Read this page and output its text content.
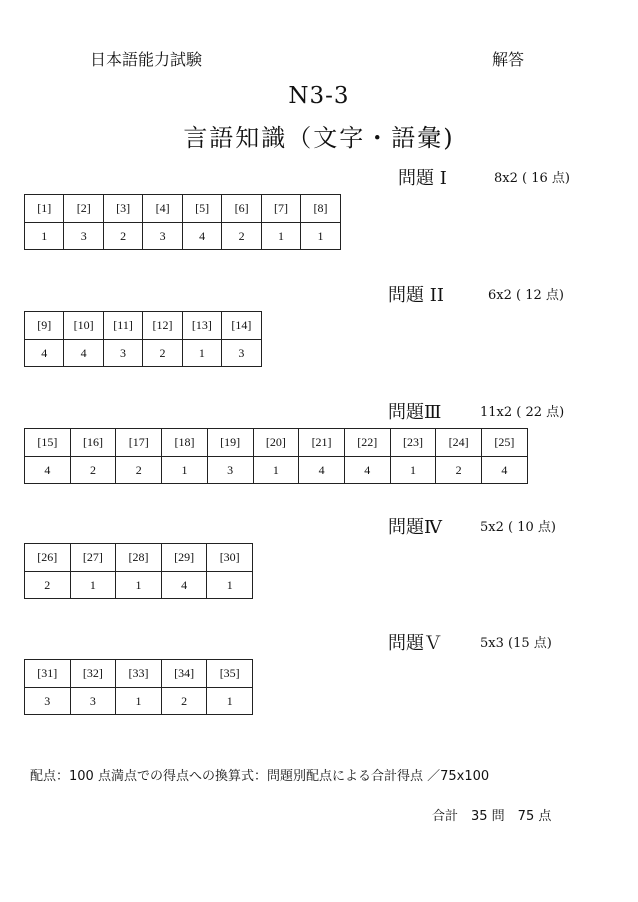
日本語能力試験	解答
N3-3
言語知識（文字・語彙)
問題 I	8x2 ( 16 点)
[1]	[2]	[3]	[4]	[5]	[6]	[7]	[8]
1	3	2	3	4	2	1	1
問題 II	6x2 ( 12 点)
[9]	[10]	[11]	[12]	[13]	[14]
4	4	3	2	1	3
問題Ⅲ	11x2 ( 22 点)
[15]	[16]	[17]	[18]	[19]	[20]	[21]	[22]	[23]	[24]	[25]
4	2	2	1	3	1	4	4	1	2	4
問題Ⅳ	5x2 ( 10 点)
[26]	[27]	[28]	[29]	[30]
2	1	1	4	1
問題Ｖ	5x3 (15 点)
[31]	[32]	[33]	[34]	[35]
3	3	1	2	1
配点：100 点満点での得点への換算式：問題別配点による合計得点 ／75x100
合計　35 問　75 点
